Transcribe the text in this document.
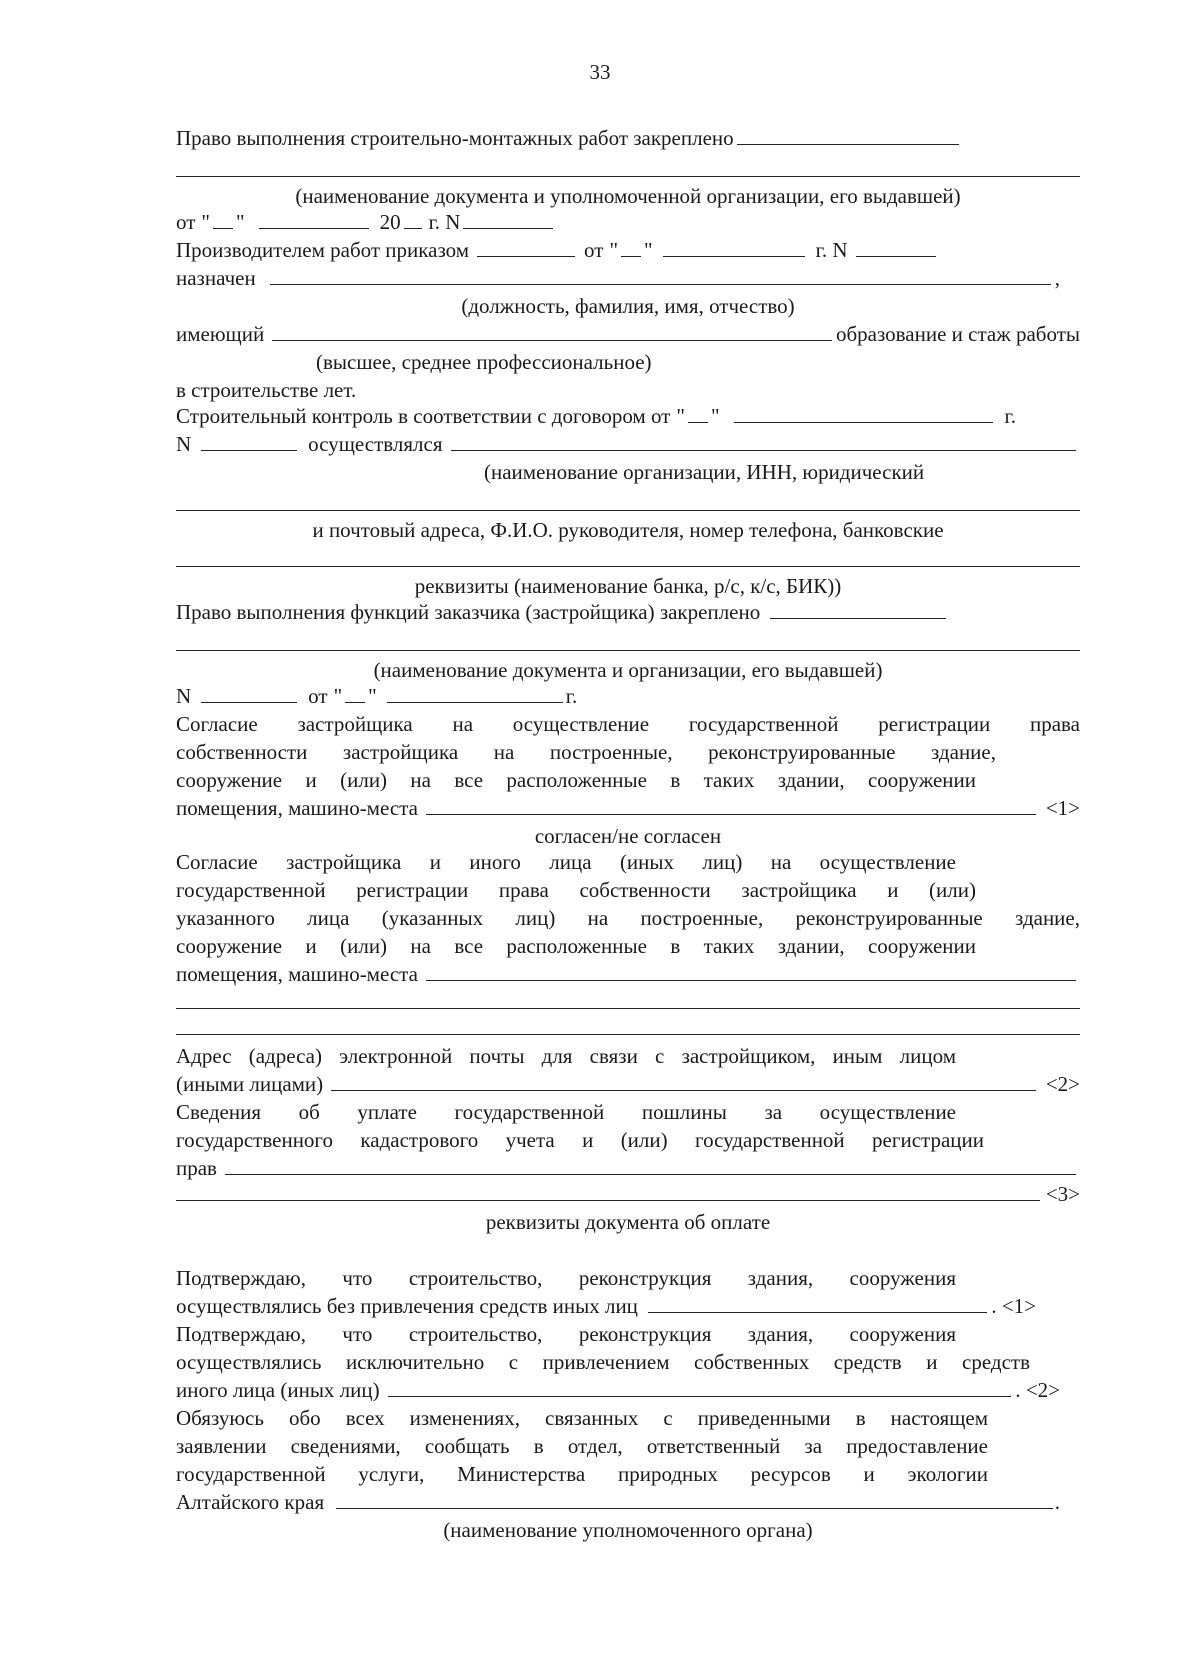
33
Право выполнения строительно-монтажных работ закреплено
(наименование документа и уполномоченной организации, его выдавшей)
от " "	20 г. N
Производителем работ приказом	от " "	г. N
назначен	,
(должность, фамилия, имя, отчество)
имеющий	образование и стаж работы
(высшее, среднее профессиональное)
в строительстве лет.
Строительный контроль в соответствии с договором от " "	г.
N	осуществлялся
(наименование организации, ИНН, юридический
и почтовый адреса, Ф.И.О. руководителя, номер телефона, банковские
реквизиты (наименование банка, р/с, к/с, БИК))
Право выполнения функций заказчика (застройщика) закреплено
(наименование документа и организации, его выдавшей)
N	от " "	г.
Согласие застройщика на осуществление государственной регистрации права
собственности застройщика на построенные, реконструированные здание,
сооружение и (или) на все расположенные в таких здании, сооружении
помещения, машино-места	<1>
согласен/не согласен
Согласие застройщика и иного лица (иных лиц) на осуществление
государственной регистрации права собственности застройщика и (или)
указанного лица (указанных лиц) на построенные, реконструированные здание,
сооружение и (или) на все расположенные в таких здании, сооружении
помещения, машино-места
Адрес (адреса) электронной почты для связи с застройщиком, иным лицом
(иными лицами)	<2>
Сведения об уплате государственной пошлины за осуществление
государственного кадастрового учета и (или) государственной регистрации
прав
<3>
реквизиты документа об оплате
Подтверждаю, что строительство, реконструкция здания, сооружения
осуществлялись без привлечения средств иных лиц	. <1>
Подтверждаю, что строительство, реконструкция здания, сооружения
осуществлялись исключительно с привлечением собственных средств и средств
иного лица (иных лиц)	. <2>
Обязуюсь обо всех изменениях, связанных с приведенными в настоящем
заявлении сведениями, сообщать в отдел, ответственный за предоставление
государственной услуги, Министерства природных ресурсов и экологии
Алтайского края	.
(наименование уполномоченного органа)
